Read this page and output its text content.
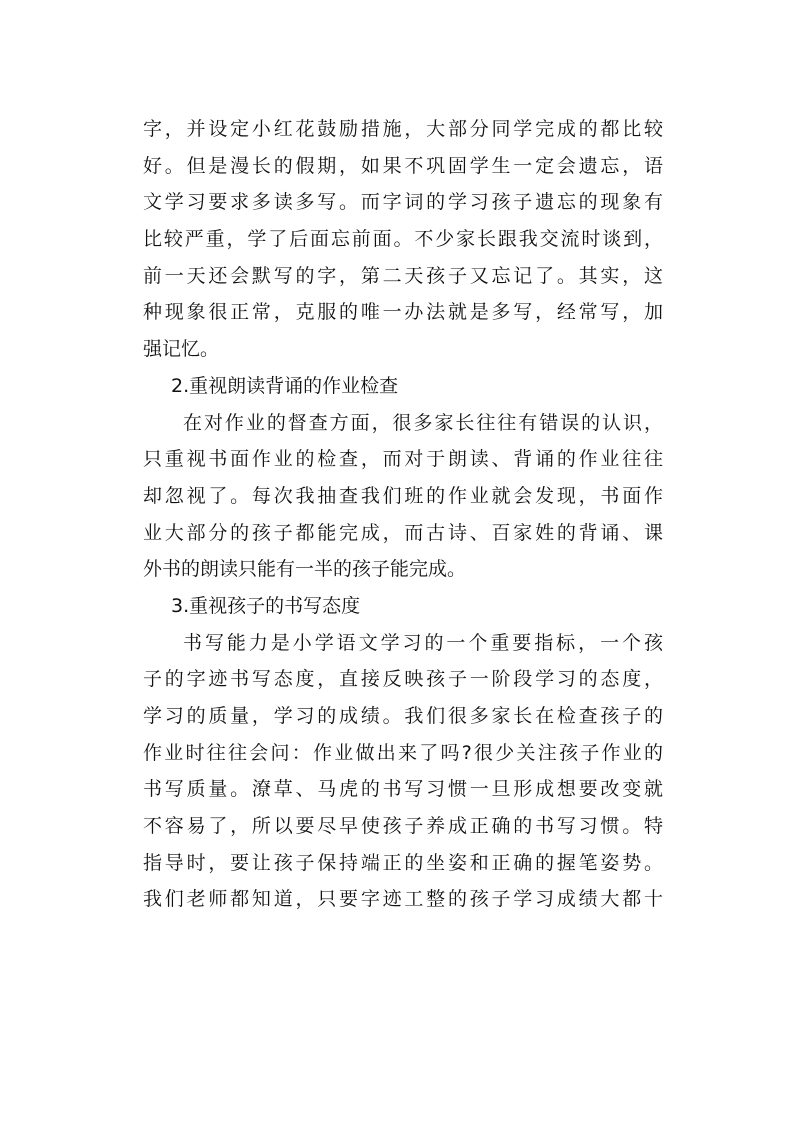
字，并设定小红花鼓励措施，大部分同学完成的都比较
好。但是漫长的假期，如果不巩固学生一定会遗忘，语
文学习要求多读多写。而字词的学习孩子遗忘的现象有
比较严重，学了后面忘前面。不少家长跟我交流时谈到，
前一天还会默写的字，第二天孩子又忘记了。其实，这
种现象很正常，克服的唯一办法就是多写，经常写，加
强记忆。
2.重视朗读背诵的作业检查
在对作业的督查方面，很多家长往往有错误的认识，
只重视书面作业的检查，而对于朗读、背诵的作业往往
却忽视了。每次我抽查我们班的作业就会发现，书面作
业大部分的孩子都能完成，而古诗、百家姓的背诵、课
外书的朗读只能有一半的孩子能完成。
3.重视孩子的书写态度
书写能力是小学语文学习的一个重要指标，一个孩
子的字迹书写态度，直接反映孩子一阶段学习的态度，
学习的质量，学习的成绩。我们很多家长在检查孩子的
作业时往往会问：作业做出来了吗?很少关注孩子作业的
书写质量。潦草、马虎的书写习惯一旦形成想要改变就
不容易了，所以要尽早使孩子养成正确的书写习惯。特
指导时，要让孩子保持端正的坐姿和正确的握笔姿势。
我们老师都知道，只要字迹工整的孩子学习成绩大都十
